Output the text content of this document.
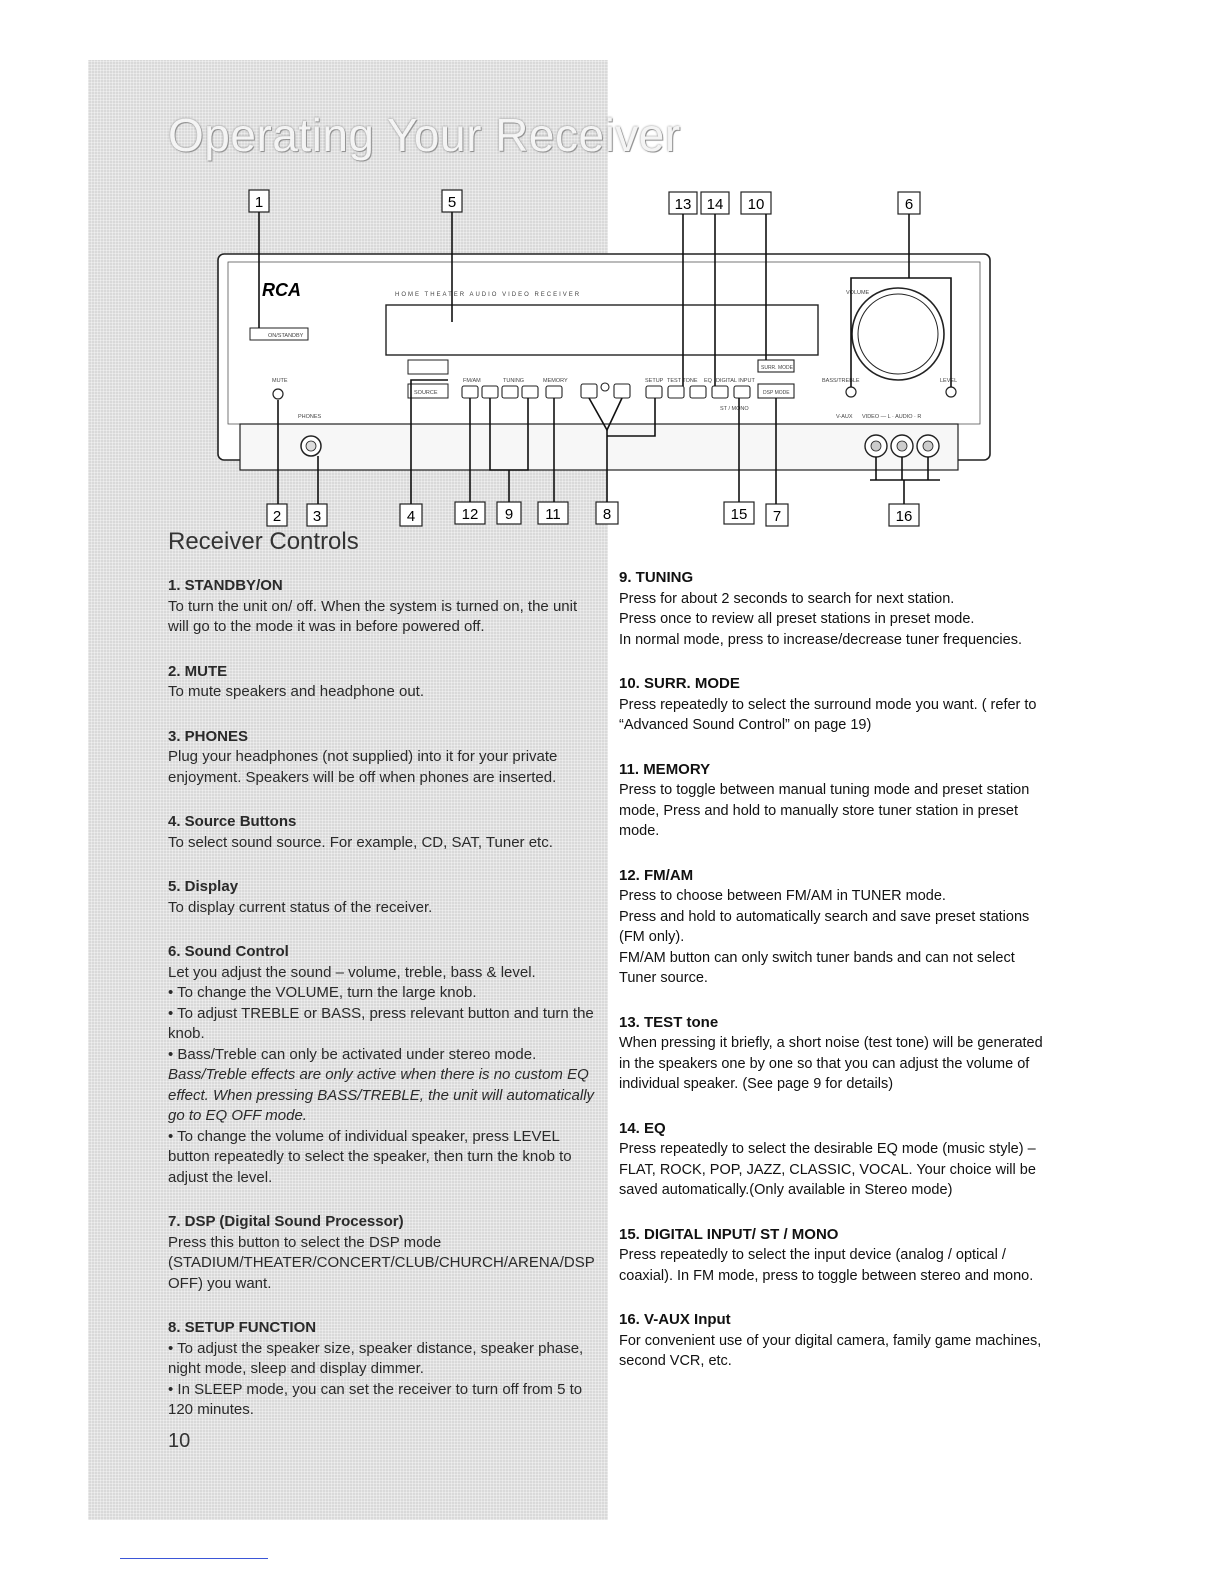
Operating Your Receiver
RCA	HOME THEATER AUDIO VIDEO RECEIVER
ON/STANDBY
MUTE
PHONES
SOURCE
FM/AM	TUNING	MEMORY	SETUP TEST TONE EQ DIGITAL INPUT
ST / MONO
SURR. MODE
DSP MODE
VOLUME
BASS/TREBLE	LEVEL
V-AUX VIDEO — L · AUDIO · R
1	5	13 14 10	6
2 3	4	12 9 11	8	15 7	16
Receiver Controls
1. STANDBY/ON

To turn the unit on/ off. When the system is turned on, the unit will go to the mode it was in before powered off.

2. MUTE

To mute speakers and headphone out.

3. PHONES

Plug your headphones (not supplied) into it for your private enjoyment. Speakers will be off when phones are inserted.

4. Source Buttons

To select sound source. For example, CD, SAT, Tuner etc.

5. Display

To display current status of the receiver.

6. Sound Control

Let you adjust the sound – volume, treble, bass & level.

• To change the VOLUME, turn the large knob.

• To adjust TREBLE or BASS, press relevant button and turn the knob.

• Bass/Treble can only be activated under stereo mode.

Bass/Treble effects are only active when there is no custom EQ effect. When pressing BASS/TREBLE, the unit will automatically go to EQ OFF mode.

• To change the volume of individual speaker, press LEVEL button repeatedly to select the speaker, then turn the knob to adjust the level.

7. DSP (Digital Sound Processor)

Press this button to select the DSP mode (STADIUM/THEATER/CONCERT/CLUB/CHURCH/ARENA/DSP OFF) you want.

8. SETUP FUNCTION

• To adjust the speaker size, speaker distance, speaker phase, night mode, sleep and display dimmer.

• In SLEEP mode, you can set the receiver to turn off from 5 to 120 minutes.

9. TUNING

Press for about 2 seconds to search for next station.

Press once to review all preset stations in preset mode.

In normal mode, press to increase/decrease tuner frequencies.

10. SURR. MODE

Press repeatedly to select the surround mode you want. ( refer to “Advanced Sound Control” on page 19)

11. MEMORY

Press to toggle between manual tuning mode and preset station mode, Press and hold to manually store tuner station in preset mode.

12. FM/AM

Press to choose between FM/AM in TUNER mode.

Press and hold to automatically search and save preset stations (FM only).

FM/AM button can only switch tuner bands and can not select Tuner source.

13. TEST tone

When pressing it briefly, a short noise (test tone) will be generated in the speakers one by one so that you can adjust the volume of individual speaker. (See page 9 for details)

14. EQ

Press repeatedly to select the desirable EQ mode (music style) – FLAT, ROCK, POP, JAZZ, CLASSIC, VOCAL. Your choice will be saved automatically.(Only available in Stereo mode)

15. DIGITAL INPUT/ ST / MONO

Press repeatedly to select the input device (analog / optical / coaxial). In FM mode, press to toggle between stereo and mono.

16. V-AUX Input

For convenient use of your digital camera, family game machines, second VCR, etc.

10
